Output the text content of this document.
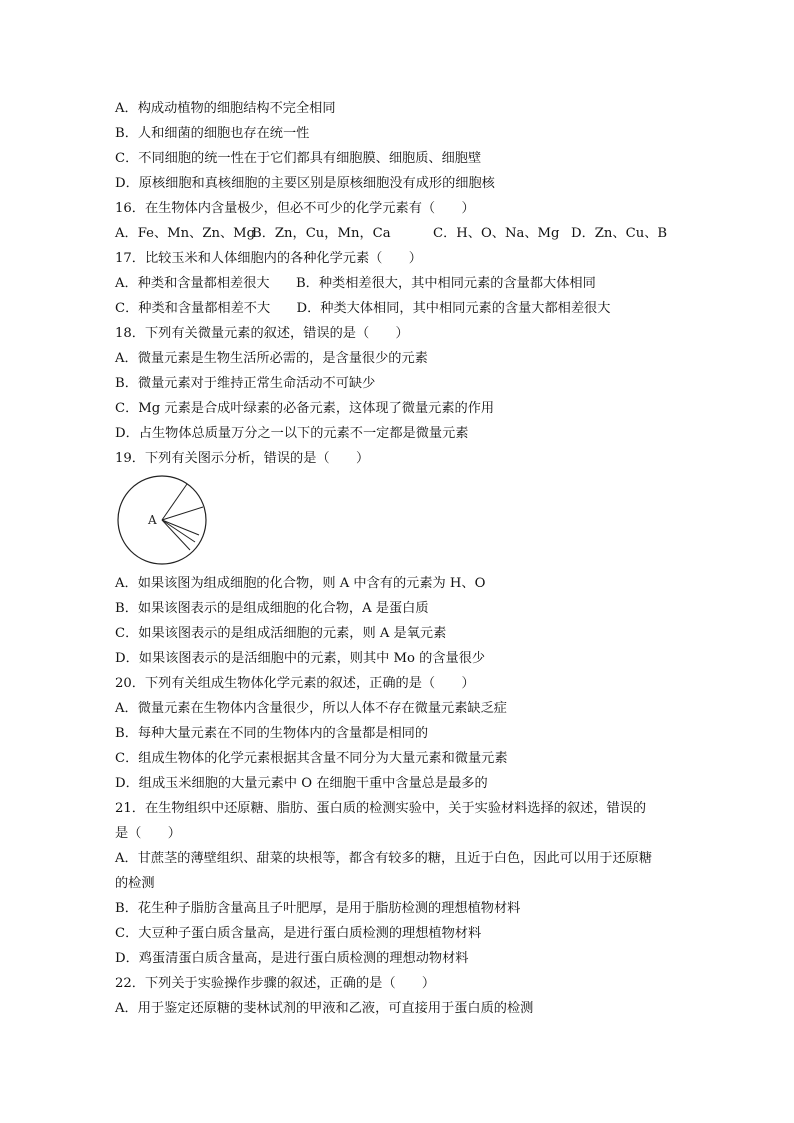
A．构成动植物的细胞结构不完全相同
B．人和细菌的细胞也存在统一性
C．不同细胞的统一性在于它们都具有细胞膜、细胞质、细胞壁
D．原核细胞和真核细胞的主要区别是原核细胞没有成形的细胞核
16．在生物体内含量极少，但必不可少的化学元素有（　　）
A．Fe、Mn、Zn、Mg
B．Zn，Cu，Mn，Ca	C．H、O、Na、Mg D．Zn、Cu、B
17．比较玉米和人体细胞内的各种化学元素（　　）
A．种类和含量都相差很大　　B．种类相差很大，其中相同元素的含量都大体相同
C．种类和含量都相差不大　　D．种类大体相同，其中相同元素的含量大都相差很大
18．下列有关微量元素的叙述，错误的是（　　）
A．微量元素是生物生活所必需的，是含量很少的元素
B．微量元素对于维持正常生命活动不可缺少
C．Mg 元素是合成叶绿素的必备元素，这体现了微量元素的作用
D．占生物体总质量万分之一以下的元素不一定都是微量元素
19．下列有关图示分析，错误的是（　　）
A
A．如果该图为组成细胞的化合物，则 A 中含有的元素为 H、O
B．如果该图表示的是组成细胞的化合物，A 是蛋白质
C．如果该图表示的是组成活细胞的元素，则 A 是氧元素
D．如果该图表示的是活细胞中的元素，则其中 Mo 的含量很少
20．下列有关组成生物体化学元素的叙述，正确的是（　　）
A．微量元素在生物体内含量很少，所以人体不存在微量元素缺乏症
B．每种大量元素在不同的生物体内的含量都是相同的
C．组成生物体的化学元素根据其含量不同分为大量元素和微量元素
D．组成玉米细胞的大量元素中 O 在细胞干重中含量总是最多的
21．在生物组织中还原糖、脂肪、蛋白质的检测实验中，关于实验材料选择的叙述，错误的
是（　　）
A．甘蔗茎的薄壁组织、甜菜的块根等，都含有较多的糖，且近于白色，因此可以用于还原糖
的检测
B．花生种子脂肪含量高且子叶肥厚，是用于脂肪检测的理想植物材料
C．大豆种子蛋白质含量高，是进行蛋白质检测的理想植物材料
D．鸡蛋清蛋白质含量高，是进行蛋白质检测的理想动物材料
22．下列关于实验操作步骤的叙述，正确的是（　　）
A．用于鉴定还原糖的斐林试剂的甲液和乙液，可直接用于蛋白质的检测
